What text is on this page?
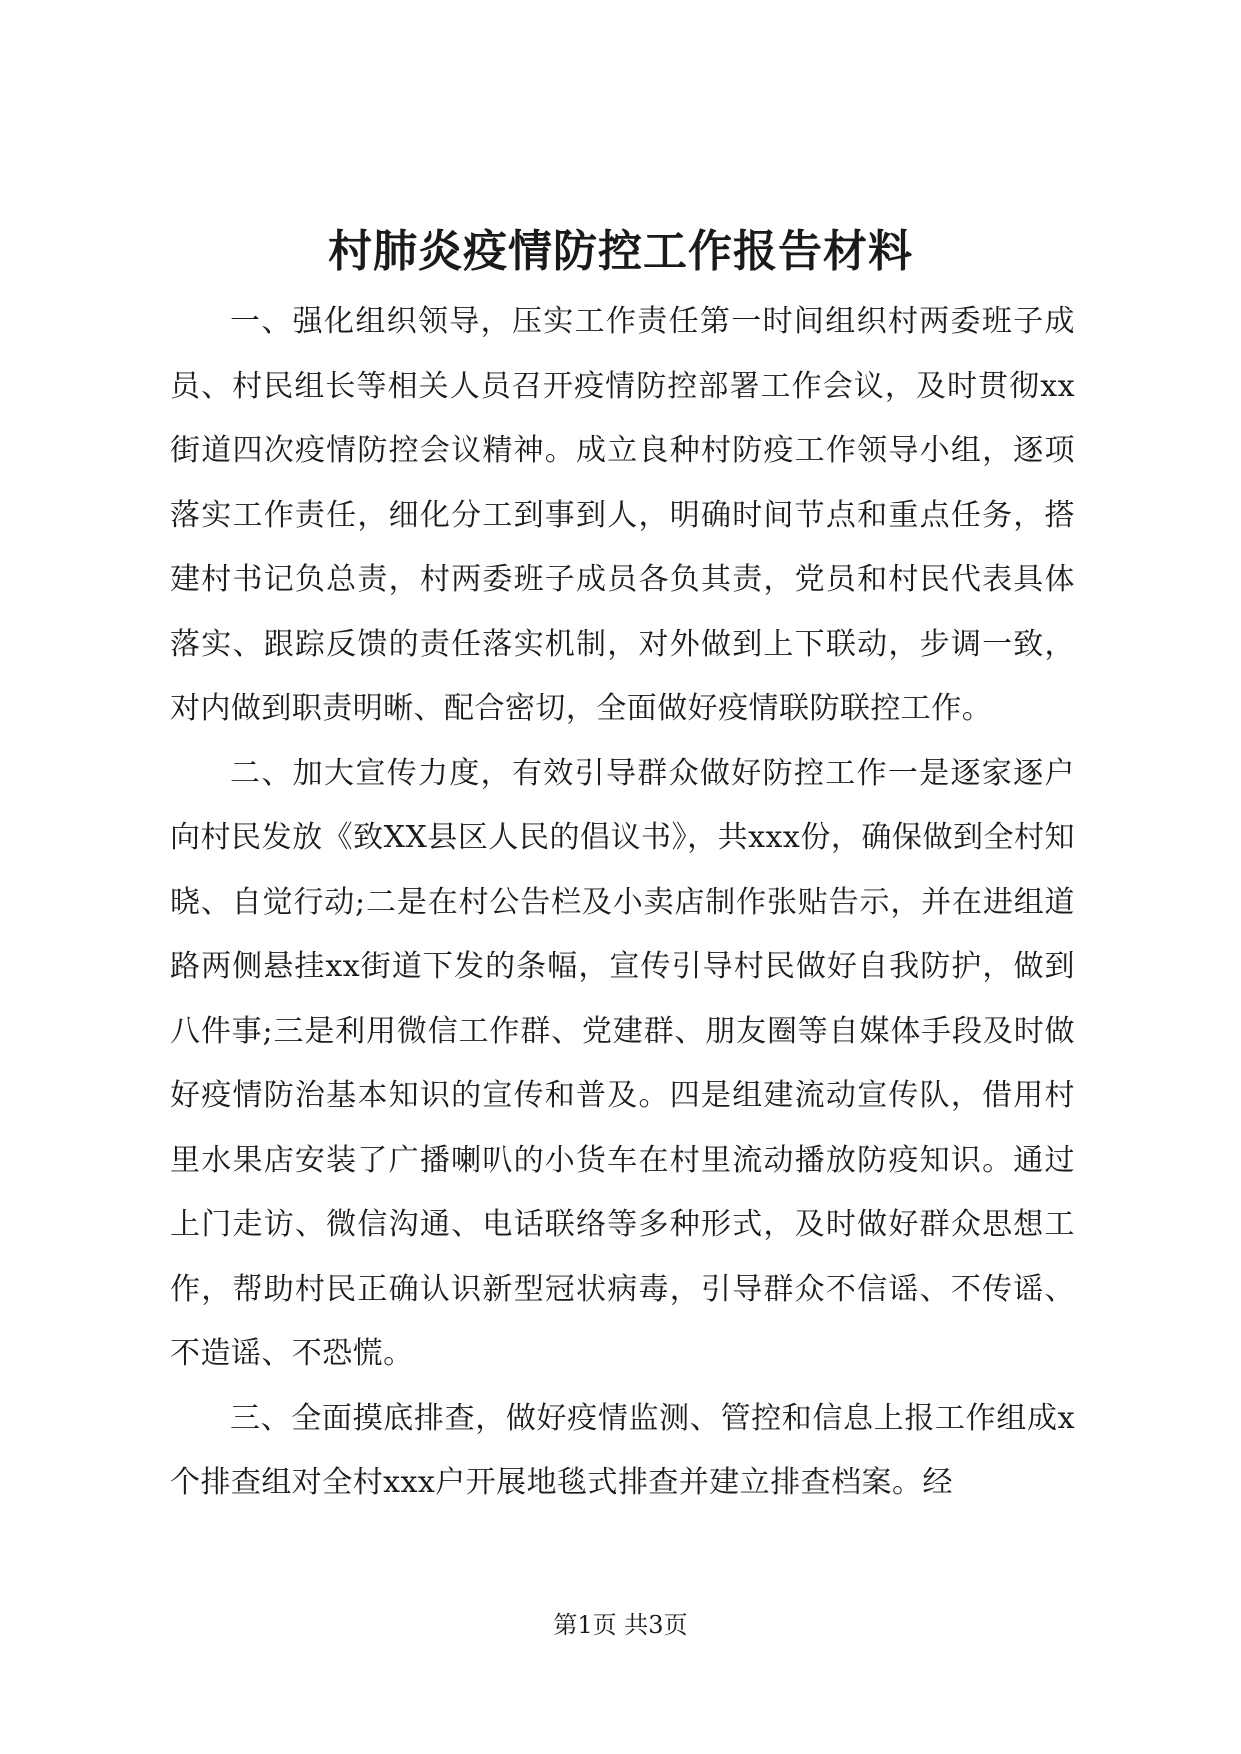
村肺炎疫情防控工作报告材料

一、强化组织领导，压实工作责任第一时间组织村两委班子成员、村民组长等相关人员召开疫情防控部署工作会议，及时贯彻xx街道四次疫情防控会议精神。成立良种村防疫工作领导小组，逐项落实工作责任，细化分工到事到人，明确时间节点和重点任务，搭建村书记负总责，村两委班子成员各负其责，党员和村民代表具体落实、跟踪反馈的责任落实机制，对外做到上下联动，步调一致，对内做到职责明晰、配合密切，全面做好疫情联防联控工作。

二、加大宣传力度，有效引导群众做好防控工作一是逐家逐户向村民发放《致XX县区人民的倡议书》，共xxx份，确保做到全村知晓、自觉行动;二是在村公告栏及小卖店制作张贴告示，并在进组道路两侧悬挂xx街道下发的条幅，宣传引导村民做好自我防护，做到八件事;三是利用微信工作群、党建群、朋友圈等自媒体手段及时做好疫情防治基本知识的宣传和普及。四是组建流动宣传队，借用村里水果店安装了广播喇叭的小货车在村里流动播放防疫知识。通过上门走访、微信沟通、电话联络等多种形式，及时做好群众思想工作，帮助村民正确认识新型冠状病毒，引导群众不信谣、不传谣、不造谣、不恐慌。

三、全面摸底排查，做好疫情监测、管控和信息上报工作组成x个排查组对全村xxx户开展地毯式排查并建立排查档案。经

第1页 共3页
